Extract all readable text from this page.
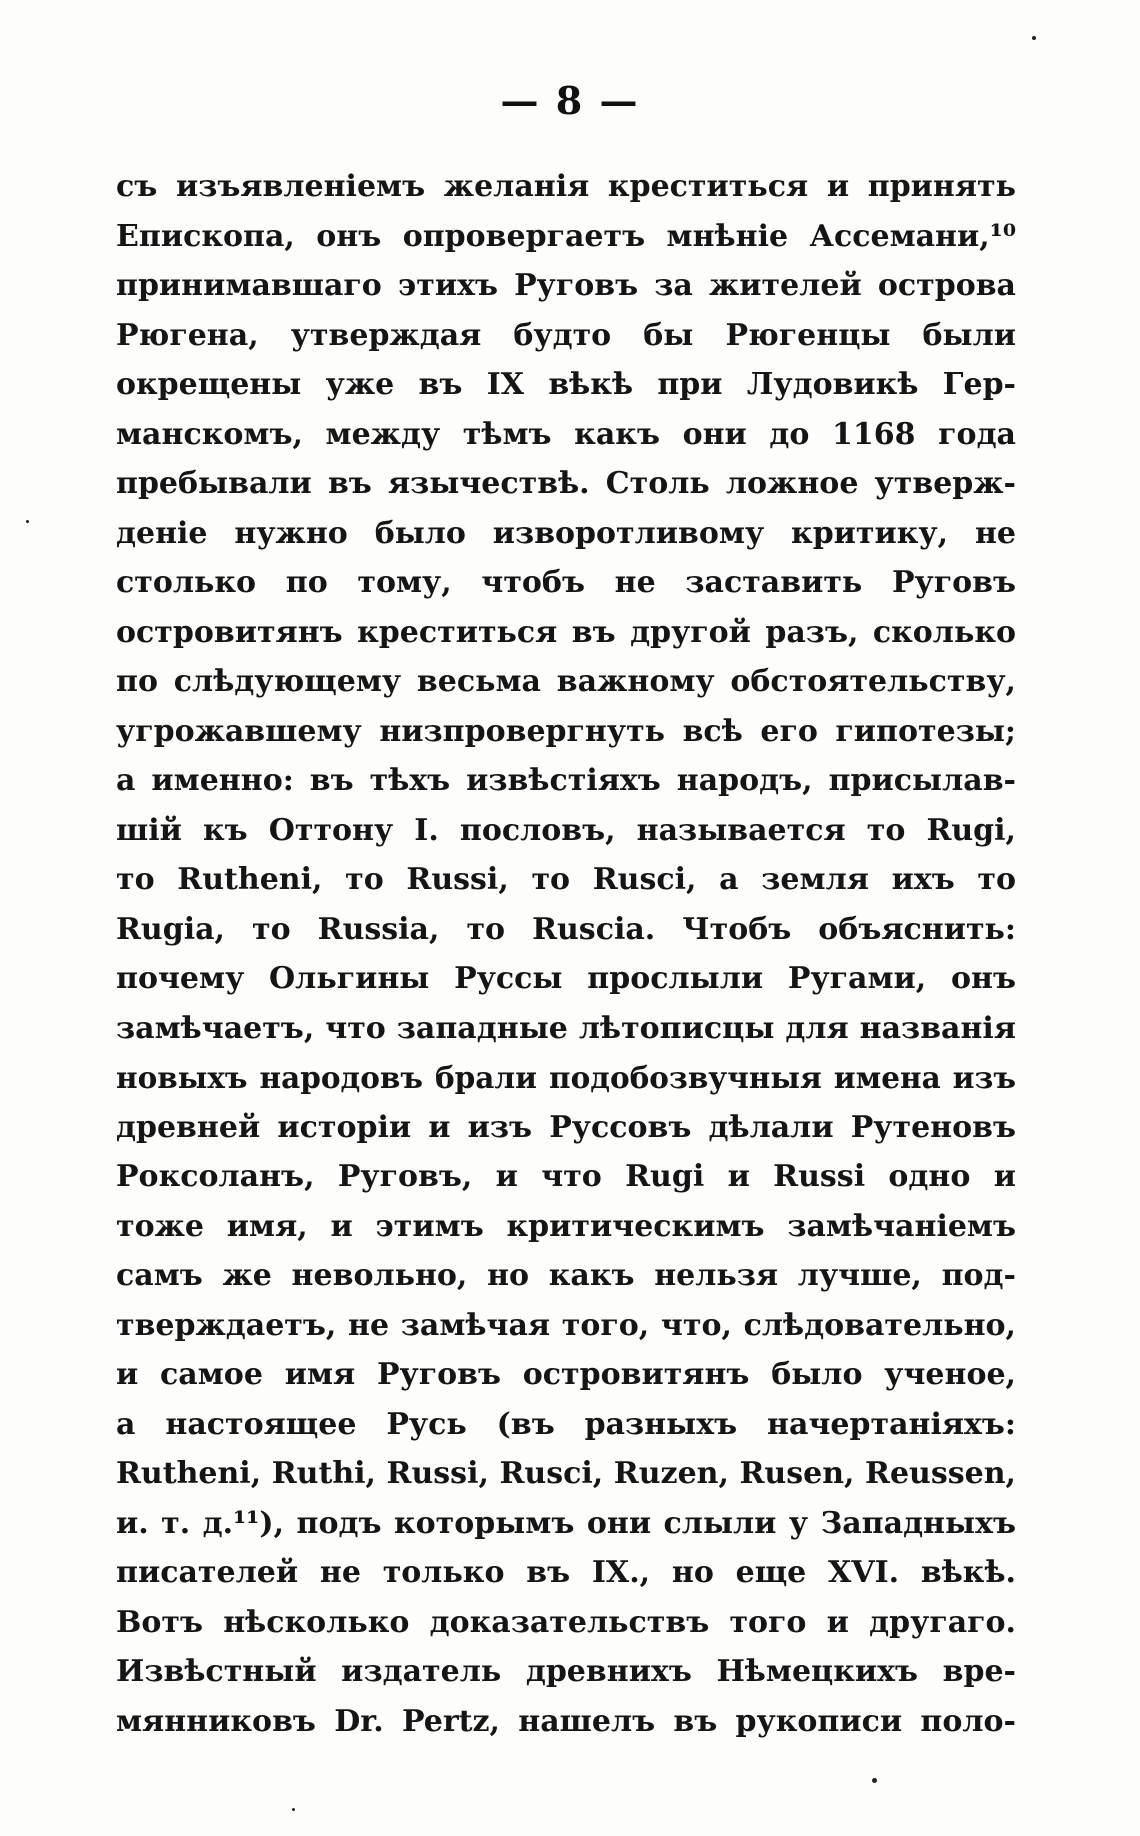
— 8 —
съ изъявленіемъ желанія креститься и принять
Епископа, онъ опровергаетъ мнѣніе Ассемани,¹⁰
принимавшаго этихъ Руговъ за жителей острова
Рюгена, утверждая будто бы Рюгенцы были
окрещены уже въ IX вѣкѣ при Лудовикѣ Гер-
манскомъ, между тѣмъ какъ они до 1168 года
пребывали въ язычествѣ. Столь ложное утверж-
деніе нужно было изворотливому критику, не
столько по тому, чтобъ не заставить Руговъ
островитянъ креститься въ другой разъ, сколько
по слѣдующему весьма важному обстоятельству,
угрожавшему низпровергнуть всѣ его гипотезы;
а именно: въ тѣхъ извѣстіяхъ народъ, присылав-
шій къ Оттону I. пословъ, называется то Rugi,
то Rutheni, то Russi, то Rusci, а земля ихъ то
Rugia, то Russia, то Ruscia. Чтобъ объяснить:
почему Ольгины Руссы прослыли Ругами, онъ
замѣчаетъ, что западные лѣтописцы для названія
новыхъ народовъ брали подобозвучныя имена изъ
древней исторіи и изъ Руссовъ дѣлали Рутеновъ
Роксоланъ, Руговъ, и что Rugi и Russi одно и
тоже имя, и этимъ критическимъ замѣчаніемъ
самъ же невольно, но какъ нельзя лучше, под-
тверждаетъ, не замѣчая того, что, слѣдовательно,
и самое имя Руговъ островитянъ было ученое,
а настоящее Русь (въ разныхъ начертаніяхъ:
Rutheni, Ruthi, Russi, Rusci, Ruzen, Rusen, Reussen,
и. т. д.¹¹), подъ которымъ они слыли у Западныхъ
писателей не только въ IX., но еще XVI. вѣкѣ.
Вотъ нѣсколько доказательствъ того и другаго.
Извѣстный издатель древнихъ Нѣмецкихъ вре-
мянниковъ Dr. Pertz, нашелъ въ рукописи поло-
